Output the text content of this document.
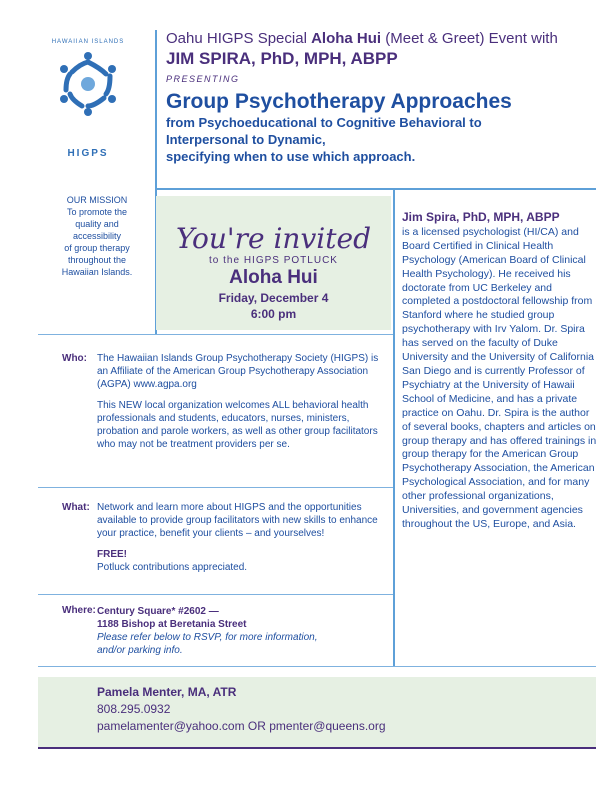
HAWAIIAN ISLANDS
HIGPS
Oahu HIGPS Special Aloha Hui (Meet & Greet) Event with
JIM SPIRA, PhD, MPH, ABPP
PRESENTING
Group Psychotherapy Approaches
from Psychoeducational to Cognitive Behavioral to
Interpersonal to Dynamic,
specifying when to use which approach.
OUR MISSION
To promote the
quality and accessibility
of group therapy
throughout the
Hawaiian Islands.
You're invited
to the HIGPS POTLUCK
Aloha Hui
Friday, December 4
6:00 pm
Jim Spira, PhD, MPH, ABPP
is a licensed psychologist (HI/CA) and Board Certified in Clinical Health Psychology (American Board of Clinical Health Psychology). He received his doctorate from UC Berkeley and completed a postdoctoral fellowship from Stanford where he studied group psychotherapy with Irv Yalom. Dr. Spira has served on the faculty of Duke University and the University of California San Diego and is currently Professor of Psychiatry at the University of Hawaii School of Medicine, and has a private practice on Oahu. Dr. Spira is the author of several books, chapters and articles on group therapy and has offered trainings in group therapy for the American Group Psychotherapy Association, the American Psychological Association, and for many other professional organizations, Universities, and government agencies throughout the US, Europe, and Asia.
Who: The Hawaiian Islands Group Psychotherapy Society (HIGPS) is an Affiliate of the American Group Psychotherapy Association (AGPA) www.agpa.org

This NEW local organization welcomes ALL behavioral health professionals and students, educators, nurses, ministers, probation and parole workers, as well as other group facilitators who may not be treatment providers per se.

What: Network and learn more about HIGPS and the opportunities available to provide group facilitators with new skills to enhance your practice, benefit your clients – and yourselves!

FREE!
Potluck contributions appreciated.
Where: Century Square* #2602 —
1188 Bishop at Beretania Street
Please refer below to RSVP, for more information,
and/or parking info.
Pamela Menter, MA, ATR
808.295.0932
pamelamenter@yahoo.com OR pmenter@queens.org
